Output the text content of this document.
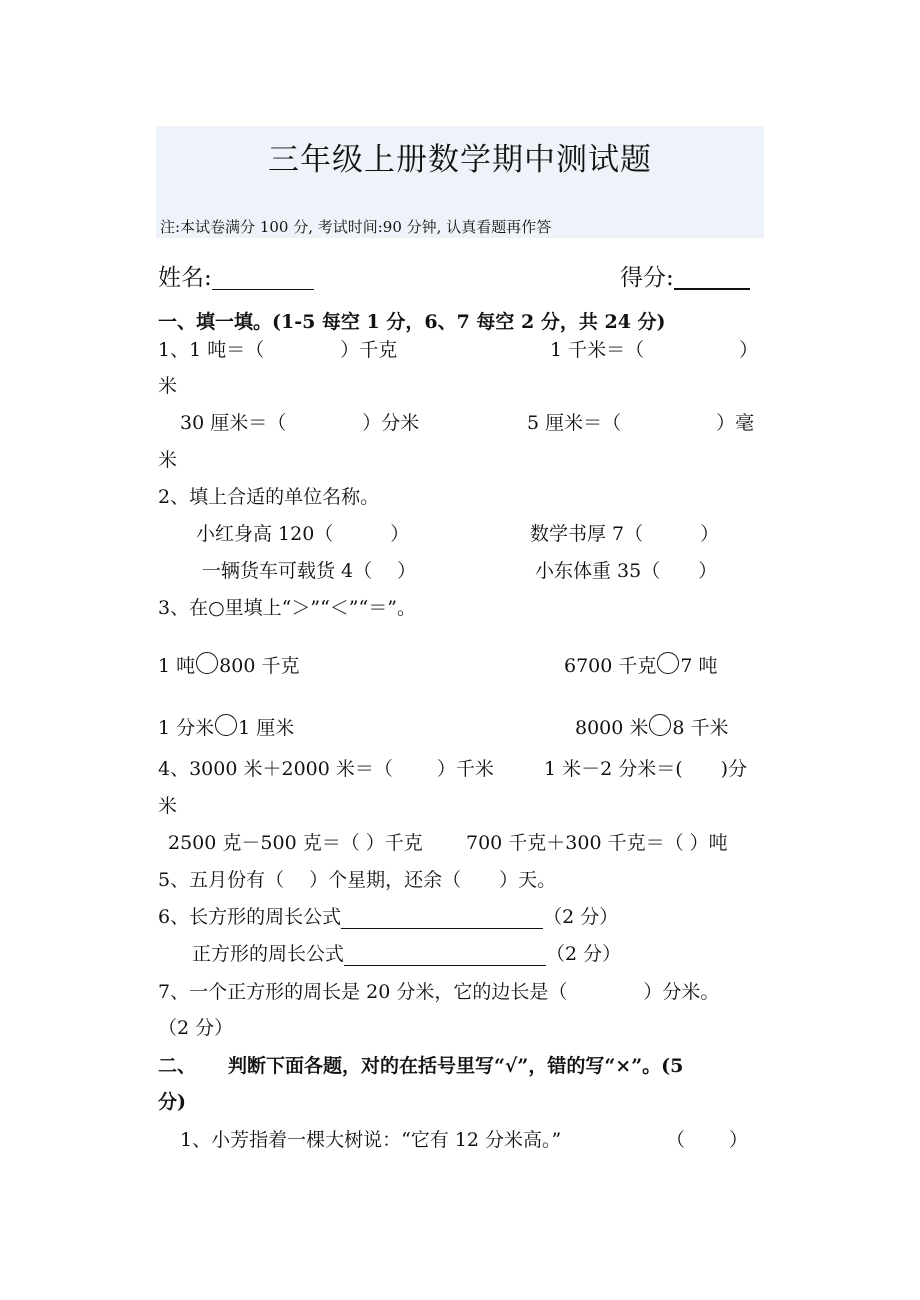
三年级上册数学期中测试题
注:本试卷满分 100 分, 考试时间:90 分钟, 认真看题再作答
姓名:	得分:
一、填一填。(1-5 每空 1 分，6、7 每空 2 分，共 24 分)
1、1 吨＝（　　　　）千克	1 千米＝（　　　　　）
米
30 厘米＝（　　　　）分米	5 厘米＝（　　　　　）毫
米
2、填上合适的单位名称。
小红身高 120（　　　）	数学书厚 7（　　　）
一辆货车可载货 4（　 ）	小东体重 35（　　）
3、在○里填上“＞”“＜”“＝”。
1 吨 800 千克	6700 千克 7 吨
1 分米 1 厘米	8000 米 8 千米
4、3000 米＋2000 米＝（　　 ）千米	1 米－2 分米＝(　　)分
米
2500 克－500 克＝（ ）千克 700 千克＋300 千克＝（ ）吨
5、五月份有（　 ）个星期，还余（　　）天。
6、长方形的周长公式	（2 分）
正方形的周长公式	（2 分）
7、一个正方形的周长是 20 分米，它的边长是（　　　　）分米。
（2 分）
二、 判断下面各题，对的在括号里写“√”，错的写“×”。(5
分)
1、小芳指着一棵大树说：“它有 12 分米高。”	（　　 ）
